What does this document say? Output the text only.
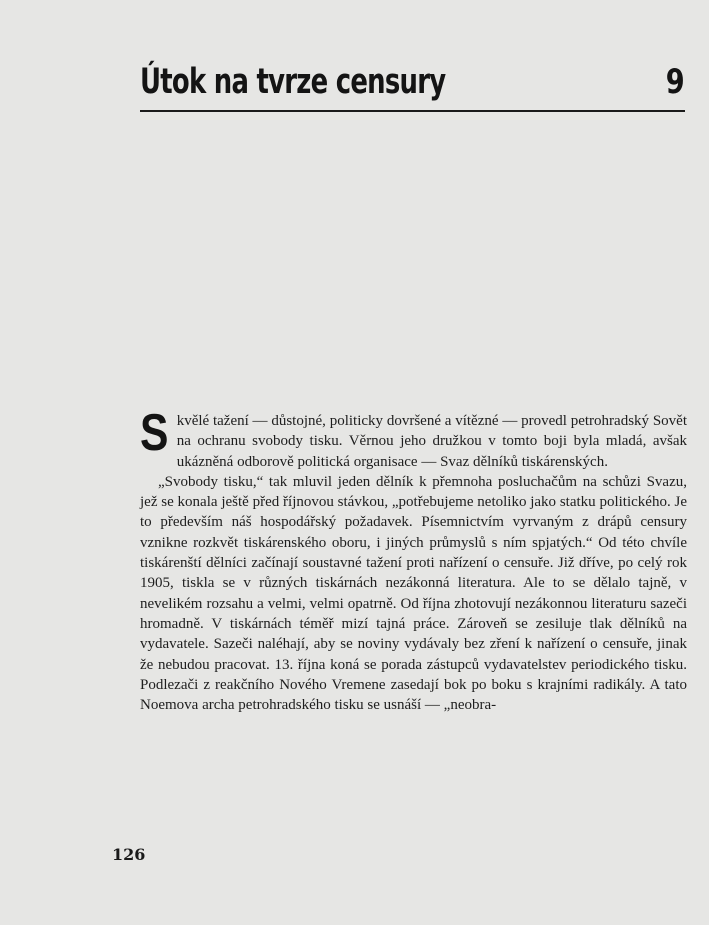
Útok na tvrze censury	9

Skvělé tažení — důstojné, politicky dovršené a vítězné — provedl petrohradský Sovět na ochranu svobody tisku. Věrnou jeho družkou v tomto boji byla mladá, avšak ukázněná odborově politická organisace — Svaz dělníků tiskárenských.

„Svobody tisku,“ tak mluvil jeden dělník k přemnoha posluchačům na schůzi Svazu, jež se konala ještě před říjnovou stávkou, „potřebujeme netoliko jako statku politického. Je to především náš hospodářský požadavek. Písemnictvím vyrvaným z drápů censury vznikne rozkvět tiskárenského oboru, i jiných průmyslů s ním spjatých.“ Od této chvíle tiskárenští dělníci začínají soustavné tažení proti nařízení o censuře. Již dříve, po celý rok 1905, tiskla se v různých tiskárnách nezákonná literatura. Ale to se dělalo tajně, v nevelikém rozsahu a velmi, velmi opatrně. Od října zhotovují nezákonnou literaturu sazeči hromadně. V tiskárnách téměř mizí tajná práce. Zároveň se zesiluje tlak dělníků na vydavatele. Sazeči naléhají, aby se noviny vydávaly bez zření k nařízení o censuře, jinak že nebudou pracovat. 13. října koná se porada zástupců vydavatelstev periodického tisku. Podlezači z reakčního Nového Vremene zasedají bok po boku s krajními radikály. A tato Noemova archa petrohradského tisku se usnáší — „neobra-

126
